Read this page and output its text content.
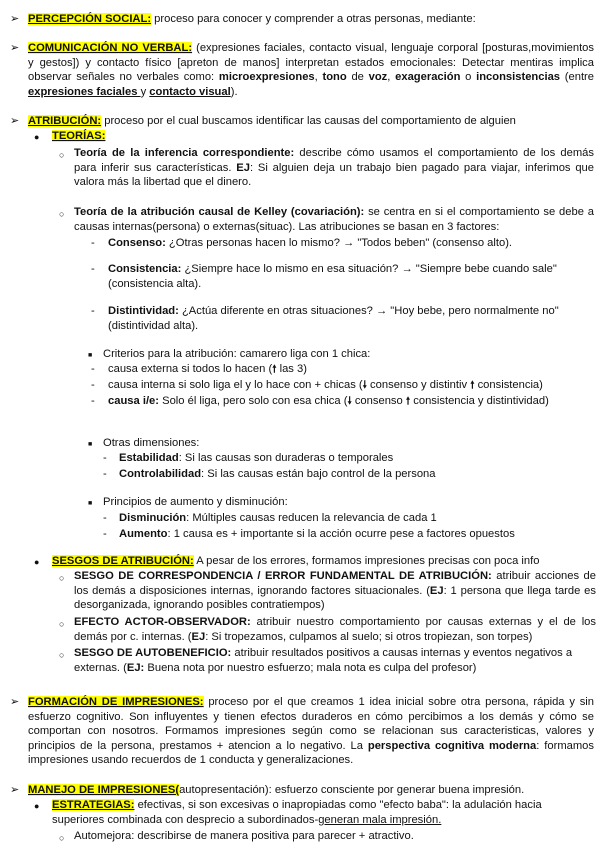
➢ PERCEPCIÓN SOCIAL: proceso para conocer y comprender a otras personas, mediante:
➢ COMUNICACIÓN NO VERBAL: (expresiones faciales, contacto visual, lenguaje corporal [posturas,movimientos y gestos]) y contacto físico [apreton de manos] interpretan estados emocionales: Detectar mentiras implica observar señales no verbales como: microexpresiones, tono de voz, exageración o inconsistencias (entre expresiones faciales y contacto visual).
➢ ATRIBUCIÓN: proceso por el cual buscamos identificar las causas del comportamiento de alguien
● TEORÍAS:
○ Teoría de la inferencia correspondiente: describe cómo usamos el comportamiento de los demás para inferir sus características. EJ: Si alguien deja un trabajo bien pagado para viajar, inferimos que valora más la libertad que el dinero.
○ Teoría de la atribución causal de Kelley (covariación): se centra en si el comportamiento se debe a causas internas(persona) o externas(situac). Las atribuciones se basan en 3 factores:
- Consenso: ¿Otras personas hacen lo mismo? → "Todos beben" (consenso alto).
- Consistencia: ¿Siempre hace lo mismo en esa situación? → "Siempre bebe cuando sale" (consistencia alta).
- Distintividad: ¿Actúa diferente en otras situaciones? → "Hoy bebe, pero normalmente no" (distintividad alta).
■ Criterios para la atribución: camarero liga con 1 chica:
- causa externa si todos lo hacen (🠕 las 3)
- causa interna si solo liga el y lo hace con + chicas (🠗 consenso y distintiv 🠕 consistencia)
- causa i/e: Solo él liga, pero solo con esa chica (🠗 consenso 🠕 consistencia y distintividad)
■ Otras dimensiones:
- Estabilidad: Si las causas son duraderas o temporales
- Controlabilidad: Si las causas están bajo control de la persona
■ Principios de aumento y disminución:
- Disminución: Múltiples causas reducen la relevancia de cada 1
- Aumento: 1 causa es + importante si la acción ocurre pese a factores opuestos
● SESGOS DE ATRIBUCIÓN: A pesar de los errores, formamos impresiones precisas con poca info
○ SESGO DE CORRESPONDENCIA / ERROR FUNDAMENTAL DE ATRIBUCIÓN: atribuir acciones de los demás a disposiciones internas, ignorando factores situacionales. (EJ: 1 persona que llega tarde es desorganizada, ignorando posibles contratiempos)
○ EFECTO ACTOR-OBSERVADOR: atribuir nuestro comportamiento por causas externas y el de los demás por c. internas. (EJ: Si tropezamos, culpamos al suelo; si otros tropiezan, son torpes)
○ SESGO DE AUTOBENEFICIO: atribuir resultados positivos a causas internas y eventos negativos a externas. (EJ: Buena nota por nuestro esfuerzo; mala nota es culpa del profesor)
➢ FORMACIÓN DE IMPRESIONES: proceso por el que creamos 1 idea inicial sobre otra persona, rápida y sin esfuerzo cognitivo. Son influyentes y tienen efectos duraderos en cómo percibimos a los demás y cómo se comportan con nosotros. Formamos impresiones según como se relacionan sus caracteristicas, valores y principios de la persona, prestamos + atencion a lo negativo. La perspectiva cognitiva moderna: formamos impresiones usando recuerdos de 1 conducta y generalizaciones.
➢ MANEJO DE IMPRESIONES(autopresentación): esfuerzo consciente por generar buena impresión.
● ESTRATEGIAS: efectivas, si son excesivas o inapropiadas como "efecto baba": la adulación hacia superiores combinada con desprecio a subordinados-generan mala impresión.
○ Automejora: describirse de manera positiva para parecer + atractivo.
